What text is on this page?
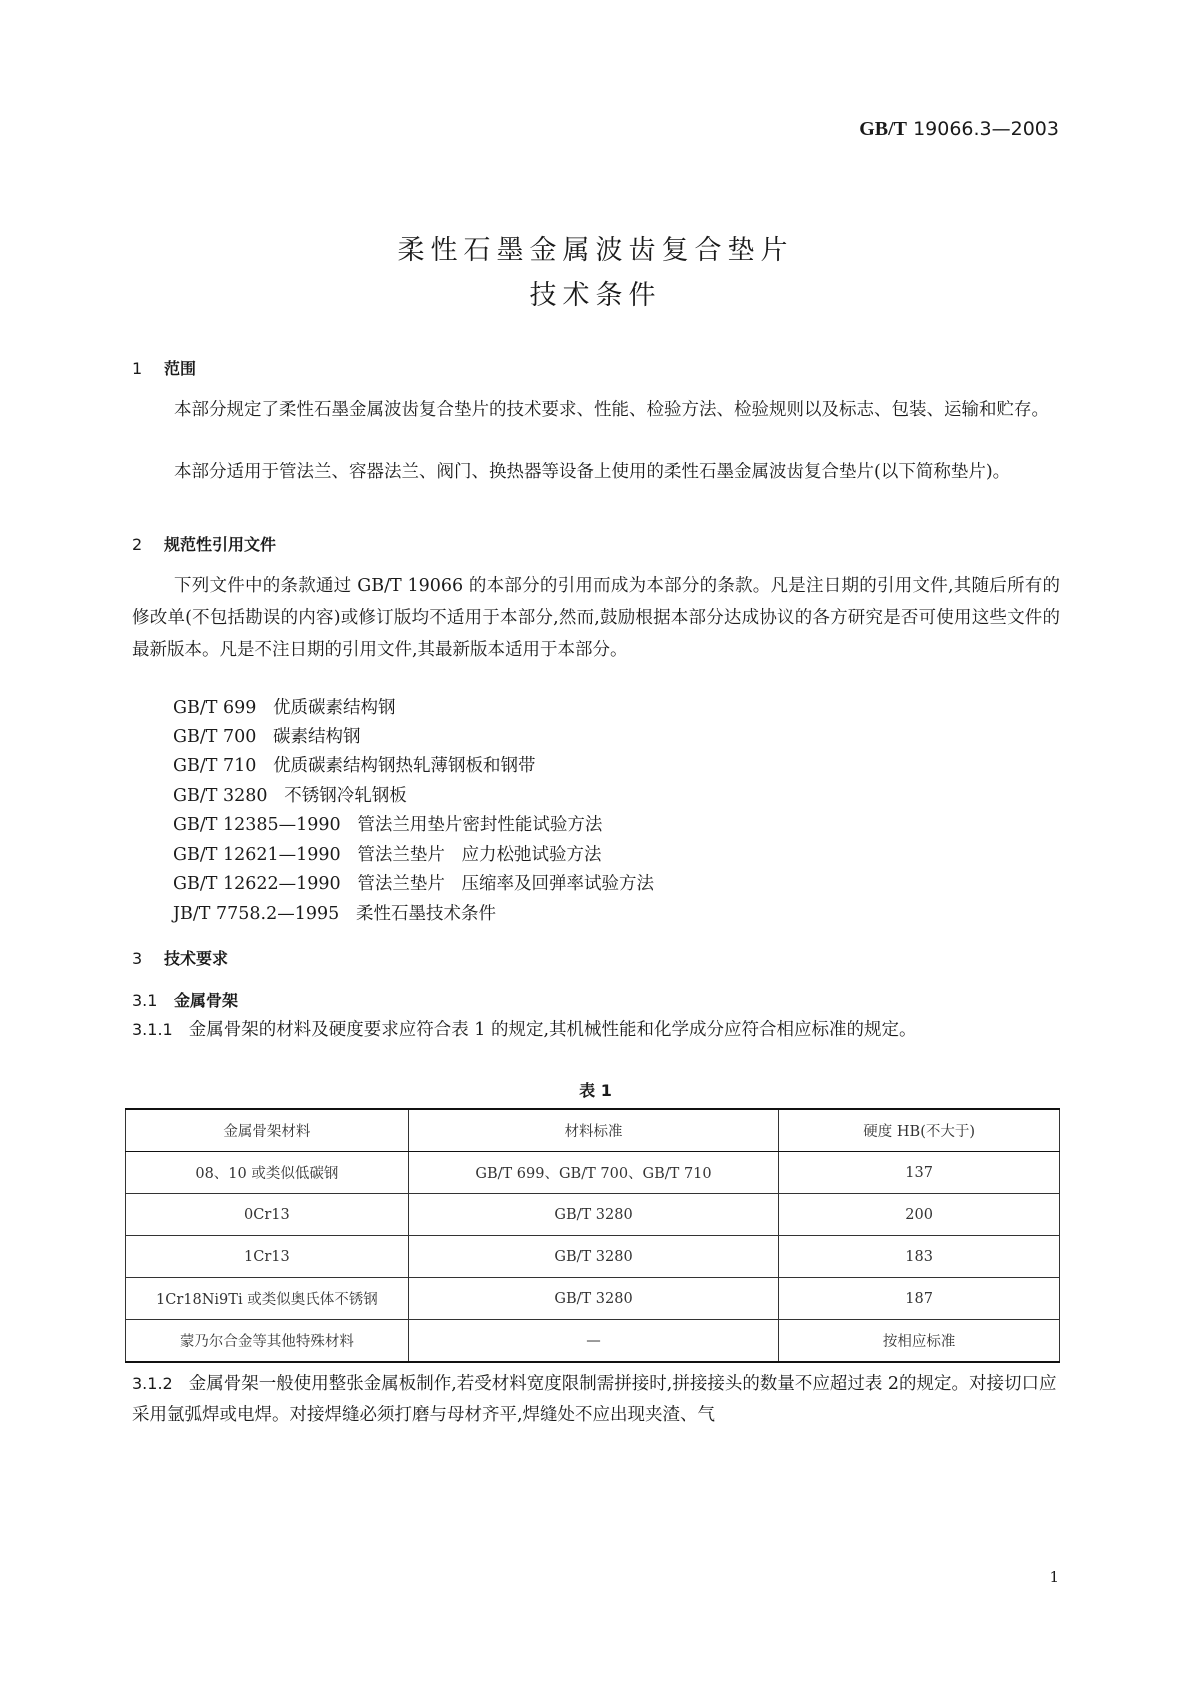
GB/T 19066.3—2003
柔性石墨金属波齿复合垫片
技术条件
1 范围
本部分规定了柔性石墨金属波齿复合垫片的技术要求、性能、检验方法、检验规则以及标志、包装、运输和贮存。
本部分适用于管法兰、容器法兰、阀门、换热器等设备上使用的柔性石墨金属波齿复合垫片(以下简称垫片)。
2 规范性引用文件
下列文件中的条款通过 GB/T 19066 的本部分的引用而成为本部分的条款。凡是注日期的引用文件,其随后所有的修改单(不包括勘误的内容)或修订版均不适用于本部分,然而,鼓励根据本部分达成协议的各方研究是否可使用这些文件的最新版本。凡是不注日期的引用文件,其最新版本适用于本部分。
GB/T 699   优质碳素结构钢
GB/T 700   碳素结构钢
GB/T 710   优质碳素结构钢热轧薄钢板和钢带
GB/T 3280   不锈钢冷轧钢板
GB/T 12385—1990   管法兰用垫片密封性能试验方法
GB/T 12621—1990   管法兰垫片   应力松弛试验方法
GB/T 12622—1990   管法兰垫片   压缩率及回弹率试验方法
JB/T 7758.2—1995   柔性石墨技术条件
3 技术要求
3.1 金属骨架
3.1.1 金属骨架的材料及硬度要求应符合表 1 的规定,其机械性能和化学成分应符合相应标准的规定。
表 1
金属骨架材料	材料标准	硬度 HB(不大于)
08、10 或类似低碳钢	GB/T 699、GB/T 700、GB/T 710	137
0Cr13	GB/T 3280	200
1Cr13	GB/T 3280	183
1Cr18Ni9Ti 或类似奥氏体不锈钢	GB/T 3280	187
蒙乃尔合金等其他特殊材料	—	按相应标准
3.1.2 金属骨架一般使用整张金属板制作,若受材料宽度限制需拼接时,拼接接头的数量不应超过表 2的规定。对接切口应采用氩弧焊或电焊。对接焊缝必须打磨与母材齐平,焊缝处不应出现夹渣、气
1
